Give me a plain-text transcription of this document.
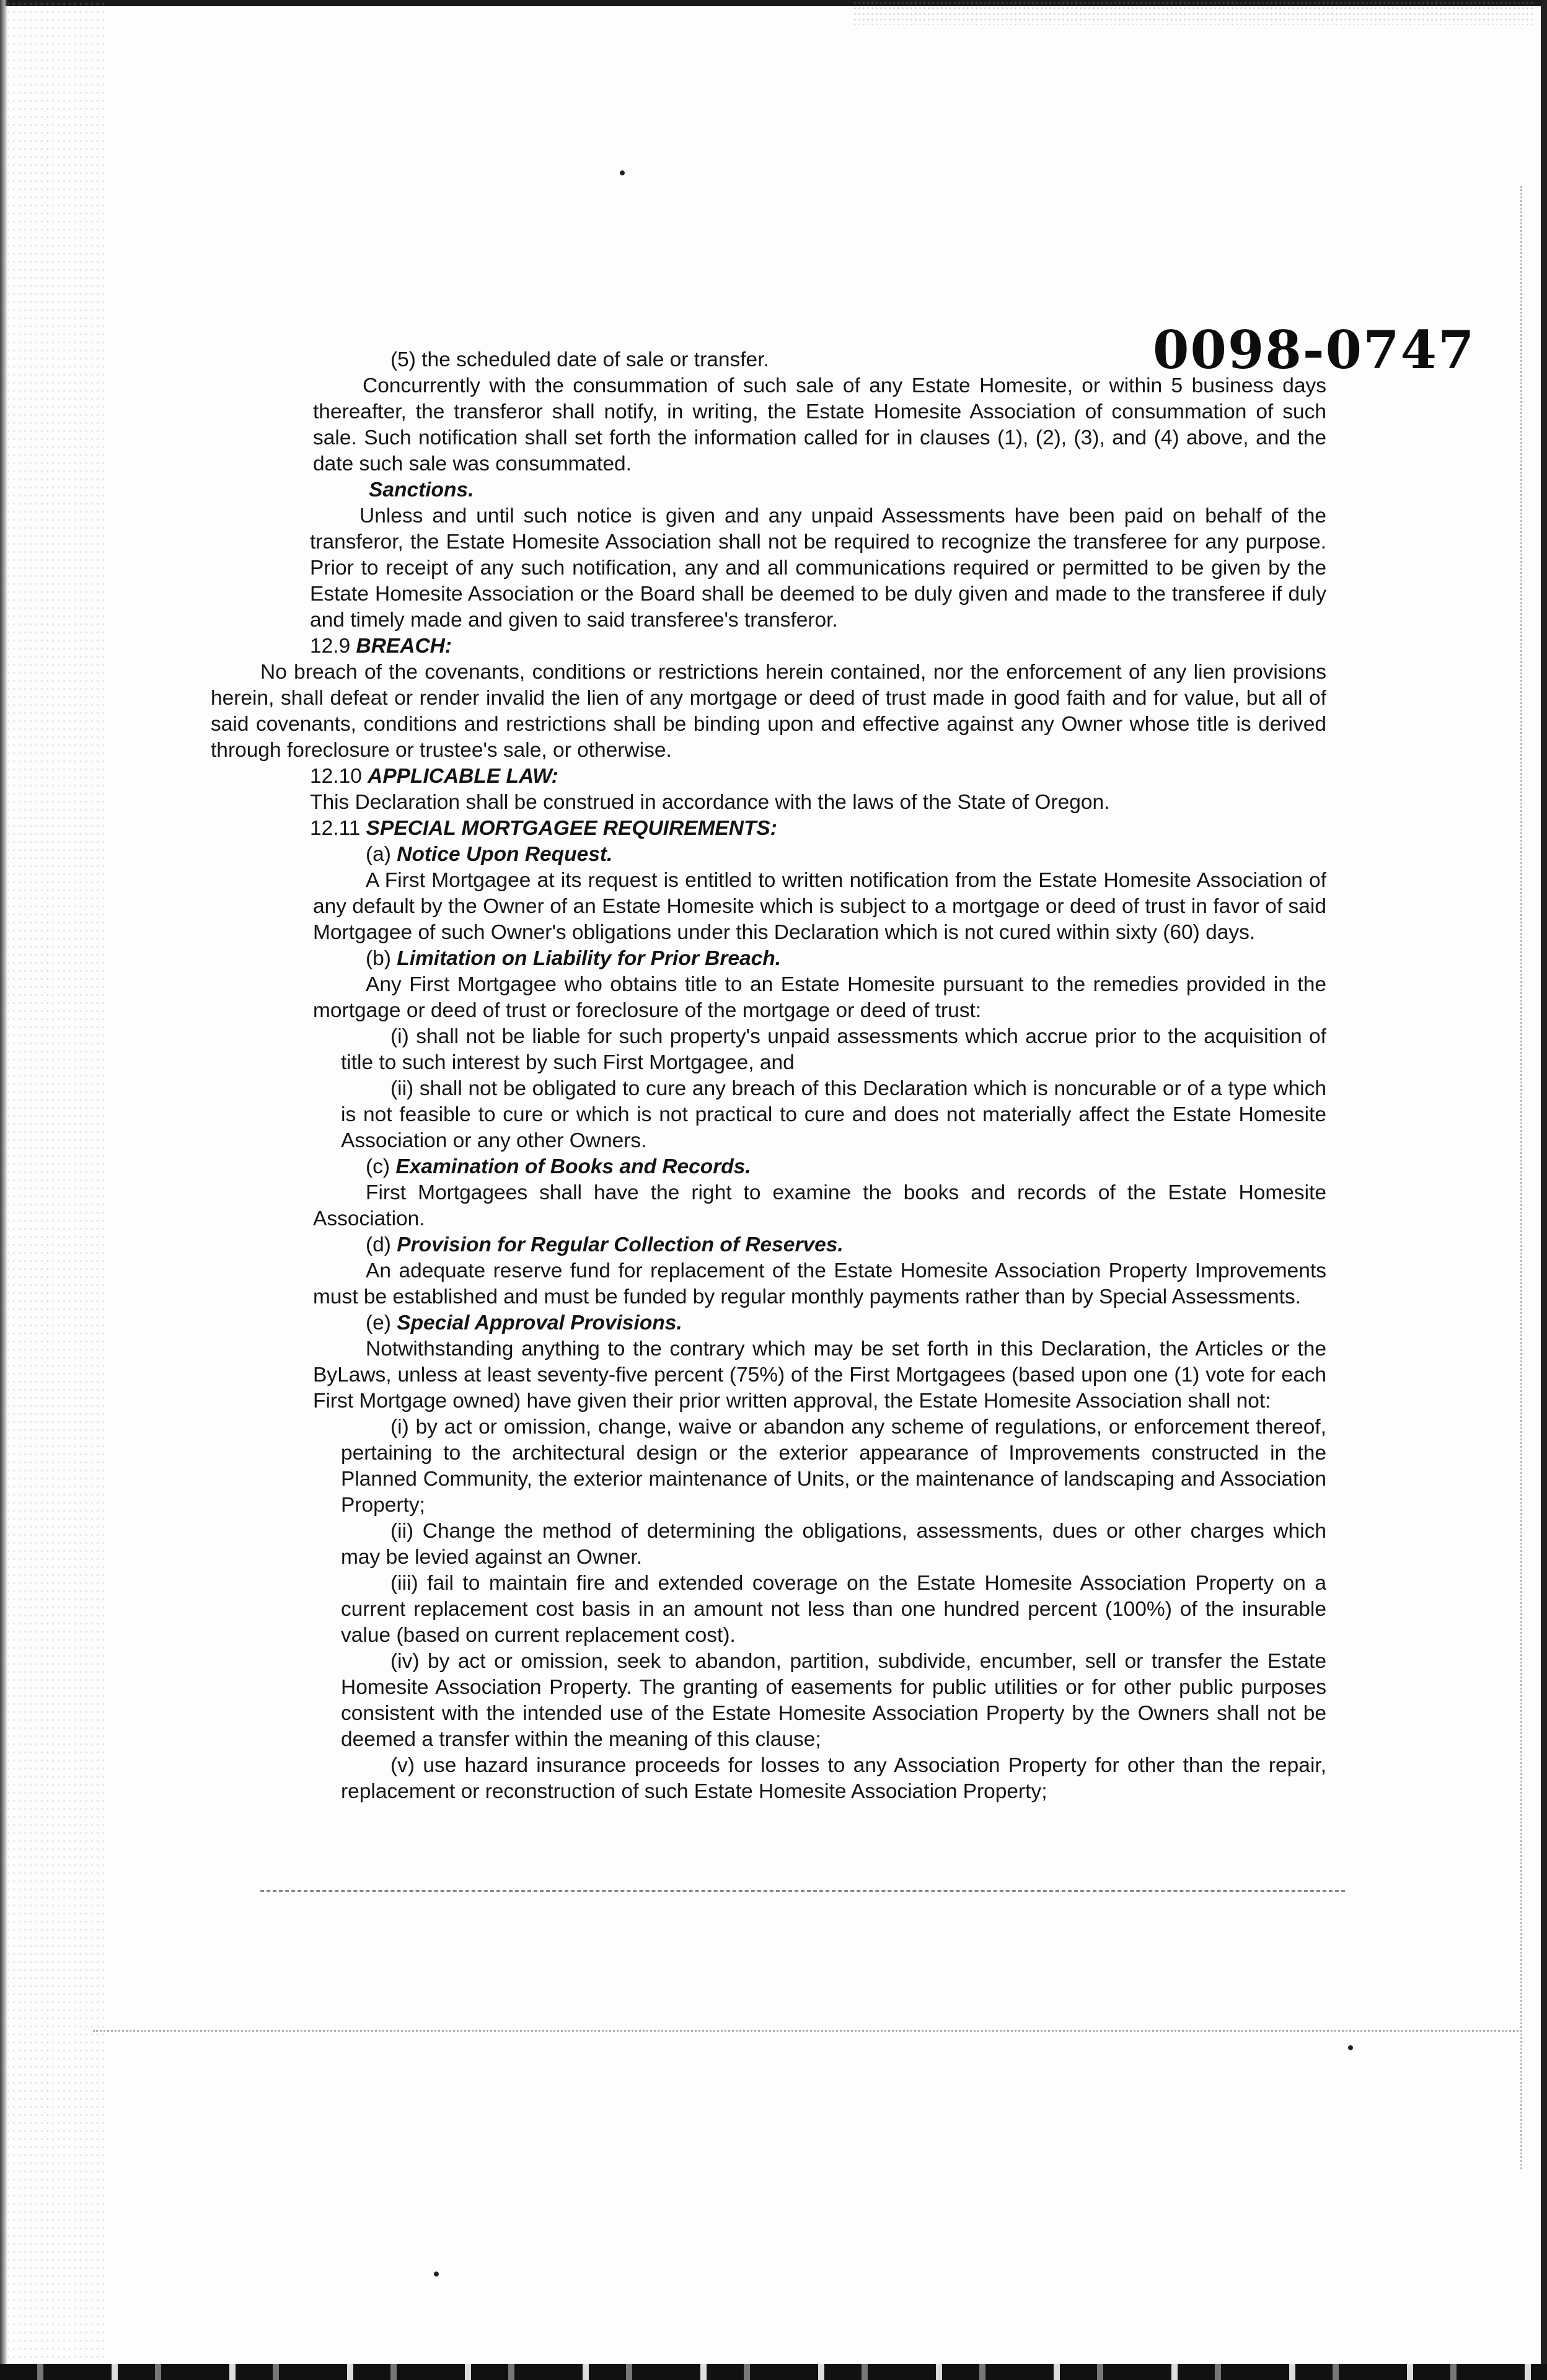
0098-0747

(5) the scheduled date of sale or transfer.

Concurrently with the consummation of such sale of any Estate Homesite, or within 5 business days thereafter, the transferor shall notify, in writing, the Estate Homesite Association of consummation of such sale. Such notification shall set forth the information called for in clauses (1), (2), (3), and (4) above, and the date such sale was consummated.

Sanctions.

Unless and until such notice is given and any unpaid Assessments have been paid on behalf of the transferor, the Estate Homesite Association shall not be required to recognize the transferee for any purpose. Prior to receipt of any such notification, any and all communications required or permitted to be given by the Estate Homesite Association or the Board shall be deemed to be duly given and made to the transferee if duly and timely made and given to said transferee's transferor.

12.9 BREACH:

No breach of the covenants, conditions or restrictions herein contained, nor the enforcement of any lien provisions herein, shall defeat or render invalid the lien of any mortgage or deed of trust made in good faith and for value, but all of said covenants, conditions and restrictions shall be binding upon and effective against any Owner whose title is derived through foreclosure or trustee's sale, or otherwise.

12.10 APPLICABLE LAW:

This Declaration shall be construed in accordance with the laws of the State of Oregon.

12.11 SPECIAL MORTGAGEE REQUIREMENTS:

(a) Notice Upon Request.

A First Mortgagee at its request is entitled to written notification from the Estate Homesite Association of any default by the Owner of an Estate Homesite which is subject to a mortgage or deed of trust in favor of said Mortgagee of such Owner's obligations under this Declaration which is not cured within sixty (60) days.

(b) Limitation on Liability for Prior Breach.

Any First Mortgagee who obtains title to an Estate Homesite pursuant to the remedies provided in the mortgage or deed of trust or foreclosure of the mortgage or deed of trust:

(i) shall not be liable for such property's unpaid assessments which accrue prior to the acquisition of title to such interest by such First Mortgagee, and

(ii) shall not be obligated to cure any breach of this Declaration which is noncurable or of a type which is not feasible to cure or which is not practical to cure and does not materially affect the Estate Homesite Association or any other Owners.

(c) Examination of Books and Records.

First Mortgagees shall have the right to examine the books and records of the Estate Homesite Association.

(d) Provision for Regular Collection of Reserves.

An adequate reserve fund for replacement of the Estate Homesite Association Property Improvements must be established and must be funded by regular monthly payments rather than by Special Assessments.

(e) Special Approval Provisions.

Notwithstanding anything to the contrary which may be set forth in this Declaration, the Articles or the ByLaws, unless at least seventy-five percent (75%) of the First Mortgagees (based upon one (1) vote for each First Mortgage owned) have given their prior written approval, the Estate Homesite Association shall not:

(i) by act or omission, change, waive or abandon any scheme of regulations, or enforcement thereof, pertaining to the architectural design or the exterior appearance of Improvements constructed in the Planned Community, the exterior maintenance of Units, or the maintenance of landscaping and Association Property;

(ii) Change the method of determining the obligations, assessments, dues or other charges which may be levied against an Owner.

(iii) fail to maintain fire and extended coverage on the Estate Homesite Association Property on a current replacement cost basis in an amount not less than one hundred percent (100%) of the insurable value (based on current replacement cost).

(iv) by act or omission, seek to abandon, partition, subdivide, encumber, sell or transfer the Estate Homesite Association Property. The granting of easements for public utilities or for other public purposes consistent with the intended use of the Estate Homesite Association Property by the Owners shall not be deemed a transfer within the meaning of this clause;

(v) use hazard insurance proceeds for losses to any Association Property for other than the repair, replacement or reconstruction of such Estate Homesite Association Property;
